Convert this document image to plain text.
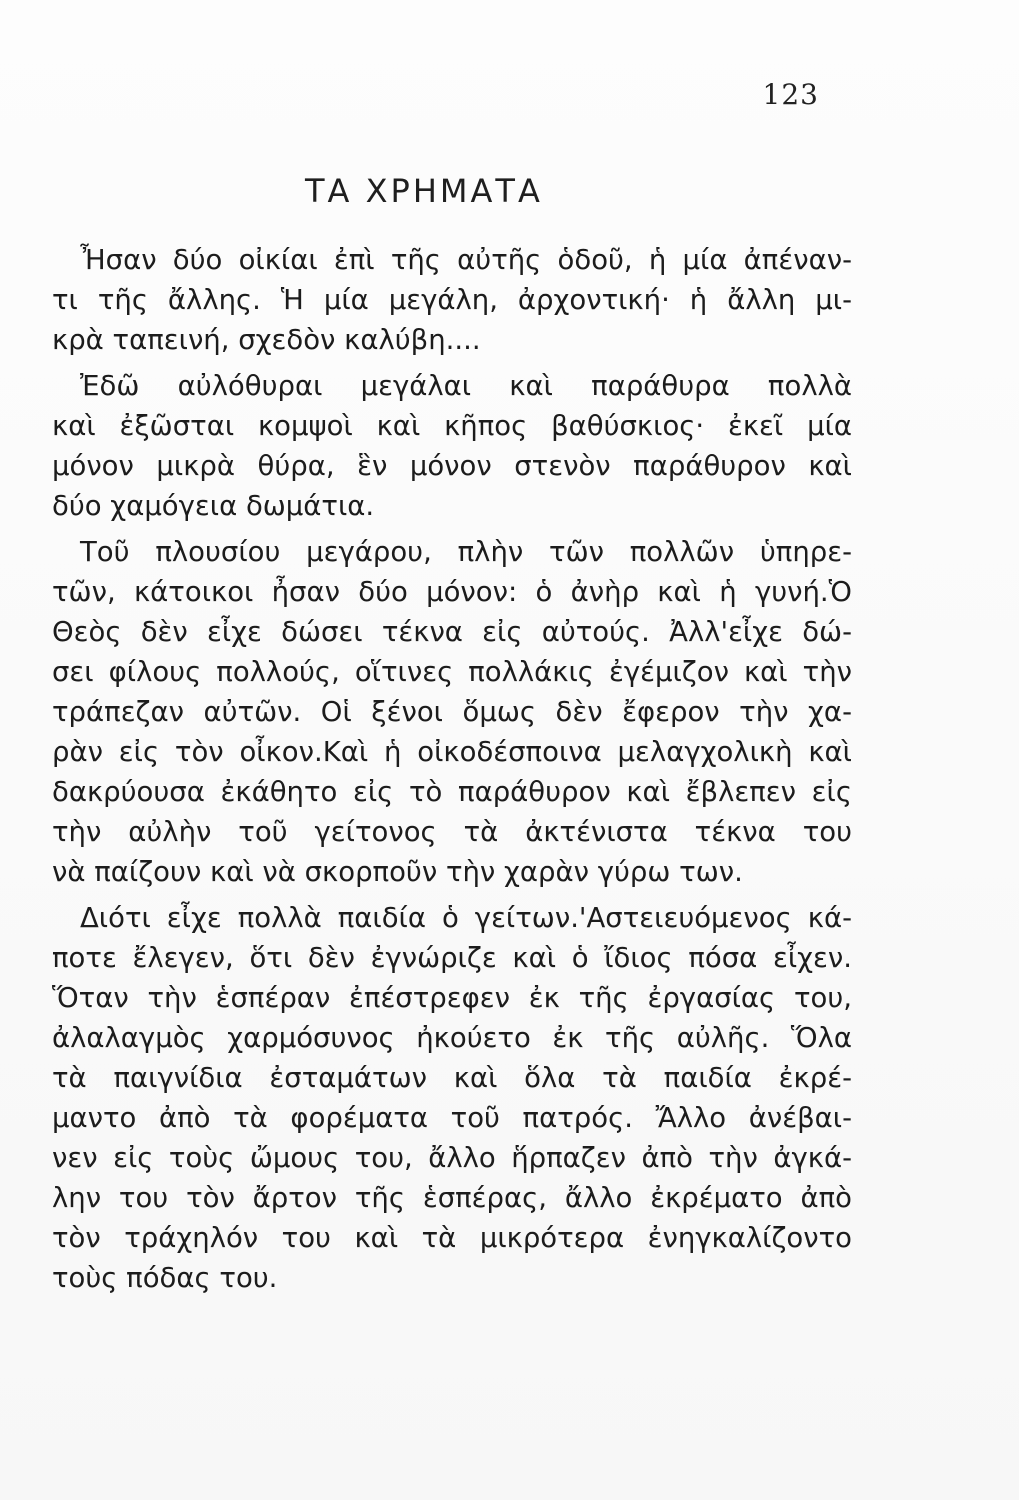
123
ΤΑ ΧΡΗΜΑΤΑ
Ἦσαν δύο οἰκίαι ἐπὶ τῆς αὐτῆς ὁδοῦ, ἡ μία ἀπέναν-
τι τῆς ἄλλης. Ἡ μία μεγάλη, ἀρχοντική· ἡ ἄλλη μι-
κρὰ ταπεινή, σχεδὸν καλύβη....
Ἐδῶ αὐλόθυραι μεγάλαι καὶ παράθυρα πολλὰ
καὶ ἐξῶσται κομψοὶ καὶ κῆπος βαθύσκιος· ἐκεῖ μία
μόνον μικρὰ θύρα, ἓν μόνον στενὸν παράθυρον καὶ
δύο χαμόγεια δωμάτια.
Τοῦ πλουσίου μεγάρου, πλὴν τῶν πολλῶν ὑπηρε-
τῶν, κάτοικοι ἦσαν δύο μόνον: ὁ ἀνὴρ καὶ ἡ γυνή.Ὁ
Θεὸς δὲν εἶχε δώσει τέκνα εἰς αὐτούς. Ἀλλ'εἶχε δώ-
σει φίλους πολλούς, οἵτινες πολλάκις ἐγέμιζον καὶ τὴν
τράπεζαν αὐτῶν. Οἱ ξένοι ὅμως δὲν ἔφερον τὴν χα-
ρὰν εἰς τὸν οἶκον.Καὶ ἡ οἰκοδέσποινα μελαγχολικὴ καὶ
δακρύουσα ἐκάθητο εἰς τὸ παράθυρον καὶ ἔβλεπεν εἰς
τὴν αὐλὴν τοῦ γείτονος τὰ ἀκτένιστα τέκνα του
νὰ παίζουν καὶ νὰ σκορποῦν τὴν χαρὰν γύρω των.
Διότι εἶχε πολλὰ παιδία ὁ γείτων.'Αστειευόμενος κά-
ποτε ἔλεγεν, ὅτι δὲν ἐγνώριζε καὶ ὁ ἴδιος πόσα εἶχεν.
Ὅταν τὴν ἑσπέραν ἐπέστρεφεν ἐκ τῆς ἐργασίας του,
ἀλαλαγμὸς χαρμόσυνος ἠκούετο ἐκ τῆς αὐλῆς. Ὅλα
τὰ παιγνίδια ἐσταμάτων καὶ ὅλα τὰ παιδία ἐκρέ-
μαντο ἀπὸ τὰ φορέματα τοῦ πατρός. Ἄλλο ἀνέβαι-
νεν εἰς τοὺς ὤμους του, ἄλλο ἥρπαζεν ἀπὸ τὴν ἀγκά-
λην του τὸν ἄρτον τῆς ἑσπέρας, ἄλλο ἐκρέματο ἀπὸ
τὸν τράχηλόν του καὶ τὰ μικρότερα ἐνηγκαλίζοντο
τοὺς πόδας του.
